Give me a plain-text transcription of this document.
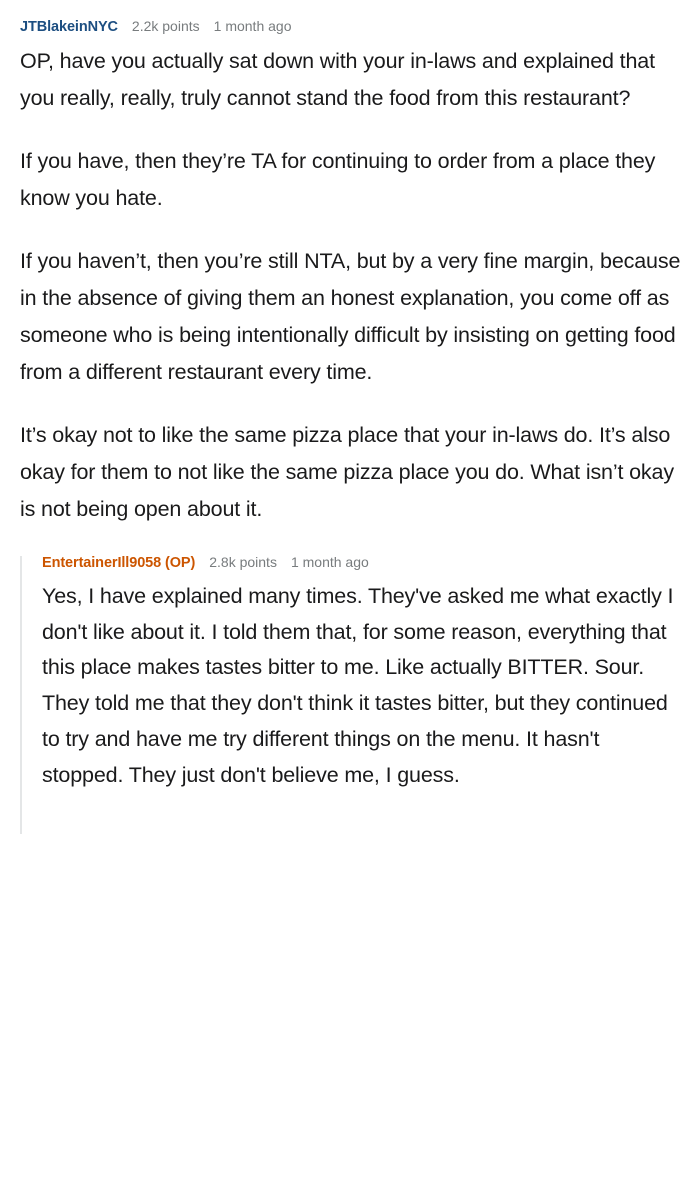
JTBlakeinNYC 2.2k points 1 month ago

OP, have you actually sat down with your in-laws and explained that you really, really, truly cannot stand the food from this restaurant?

If you have, then they’re TA for continuing to order from a place they know you hate.

If you haven’t, then you’re still NTA, but by a very fine margin, because in the absence of giving them an honest explanation, you come off as someone who is being intentionally difficult by insisting on getting food from a different restaurant every time.

It’s okay not to like the same pizza place that your in-laws do. It’s also okay for them to not like the same pizza place you do. What isn’t okay is not being open about it.

EntertainerIll9058 (OP) 2.8k points 1 month ago

Yes, I have explained many times. They've asked me what exactly I don't like about it. I told them that, for some reason, everything that this place makes tastes bitter to me. Like actually BITTER. Sour. They told me that they don't think it tastes bitter, but they continued to try and have me try different things on the menu. It hasn't stopped. They just don't believe me, I guess.
